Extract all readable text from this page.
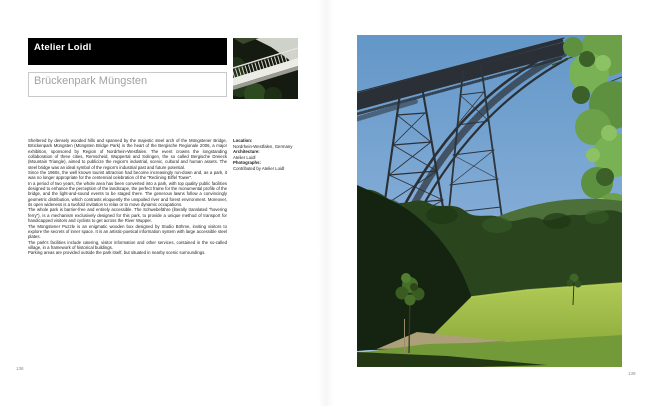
Atelier Loidl
Brückenpark Müngsten

Sheltered by densely wooded hills and spanned by the majestic steel arch of the Müngstener Bridge, Brückenpark Müngsten (Müngsten Bridge Park) is the heart of the Bergische Regionale 2006, a major exhibition, sponsored by Region of Nordrhein-Westfalen. The event crowns the longstanding collaboration of three cities, Remscheid, Wuppertal and Solingen, the so called Bergische Dreieck (Mountain Triangle), aimed to publicize the region's industrial, scenic, cultural and human assets. The steel bridge was an ideal symbol of the region's industrial past and future potential.

Since the 1960s, the well known tourist attraction had become increasingly run-down and, as a park, it was no longer appropriate for the centennial celebration of the "Reclining Eiffel Tower".

In a period of two years, the whole area has been converted into a park, with top quality public facilities designed to enhance the perception of the landscape, the perfect frame for the monumental profile of the bridge, and the light-and-sound events to be staged there. The generous lawns follow a convincingly geometric distribution, which contrasts eloquently the unspoiled river and forest environment. Moreover, its open wideness is a twofold invitation to relax or to move dynamic occupations.

The whole park is barrier-free and entirely accessible. The Schwebefähre (literally translated "hovering ferry"), is a mechanism exclusively designed for this park, to provide a unique method of transport for handicapped visitors and cyclists to get across the River Wupper.

The Müngstener Puzzle is an enigmatic wooden box designed by Studio Böhme, inviting visitors to explore the secrets of inner space. It is an artistic-poetical information system with large accessible steel plates.

The park's facilities include catering, visitor information and other services, contained in the so-called village, in a framework of historical buildings.

Parking areas are provided outside the park itself, but situated in nearby scenic surroundings.

Location:
Nordrhein-Westfalen, Germany
Architecture:
Atelier Loidl
Photographs:
Contributed by Atelier Loidl
138
139
